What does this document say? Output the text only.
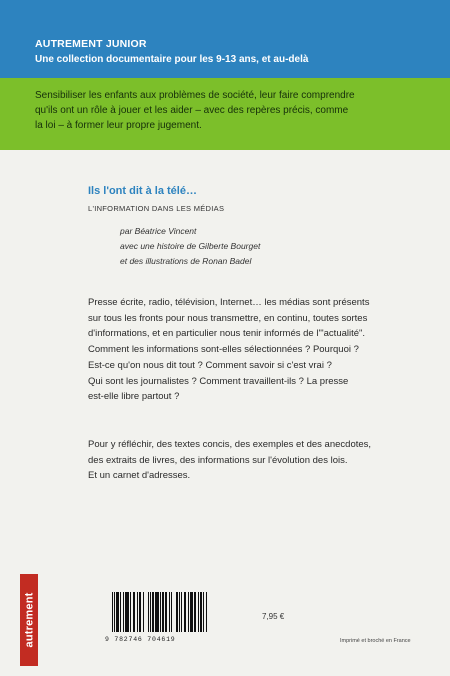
AUTREMENT JUNIOR
Une collection documentaire pour les 9-13 ans, et au-delà
Sensibiliser les enfants aux problèmes de société, leur faire comprendre
qu'ils ont un rôle à jouer et les aider – avec des repères précis, comme
la loi – à former leur propre jugement.
Ils l'ont dit à la télé…
L'INFORMATION DANS LES MÉDIAS
par Béatrice Vincent
avec une histoire de Gilberte Bourget
et des illustrations de Ronan Badel
Presse écrite, radio, télévision, Internet… les médias sont présents
sur tous les fronts pour nous transmettre, en continu, toutes sortes
d'informations, et en particulier nous tenir informés de l'"actualité".
Comment les informations sont-elles sélectionnées ? Pourquoi ?
Est-ce qu'on nous dit tout ? Comment savoir si c'est vrai ?
Qui sont les journalistes ? Comment travaillent-ils ? La presse
est-elle libre partout ?
Pour y réfléchir, des textes concis, des exemples et des anecdotes,
des extraits de livres, des informations sur l'évolution des lois.
Et un carnet d'adresses.
autrement	9 782746 704619
7,95 €
Imprimé et broché en France
